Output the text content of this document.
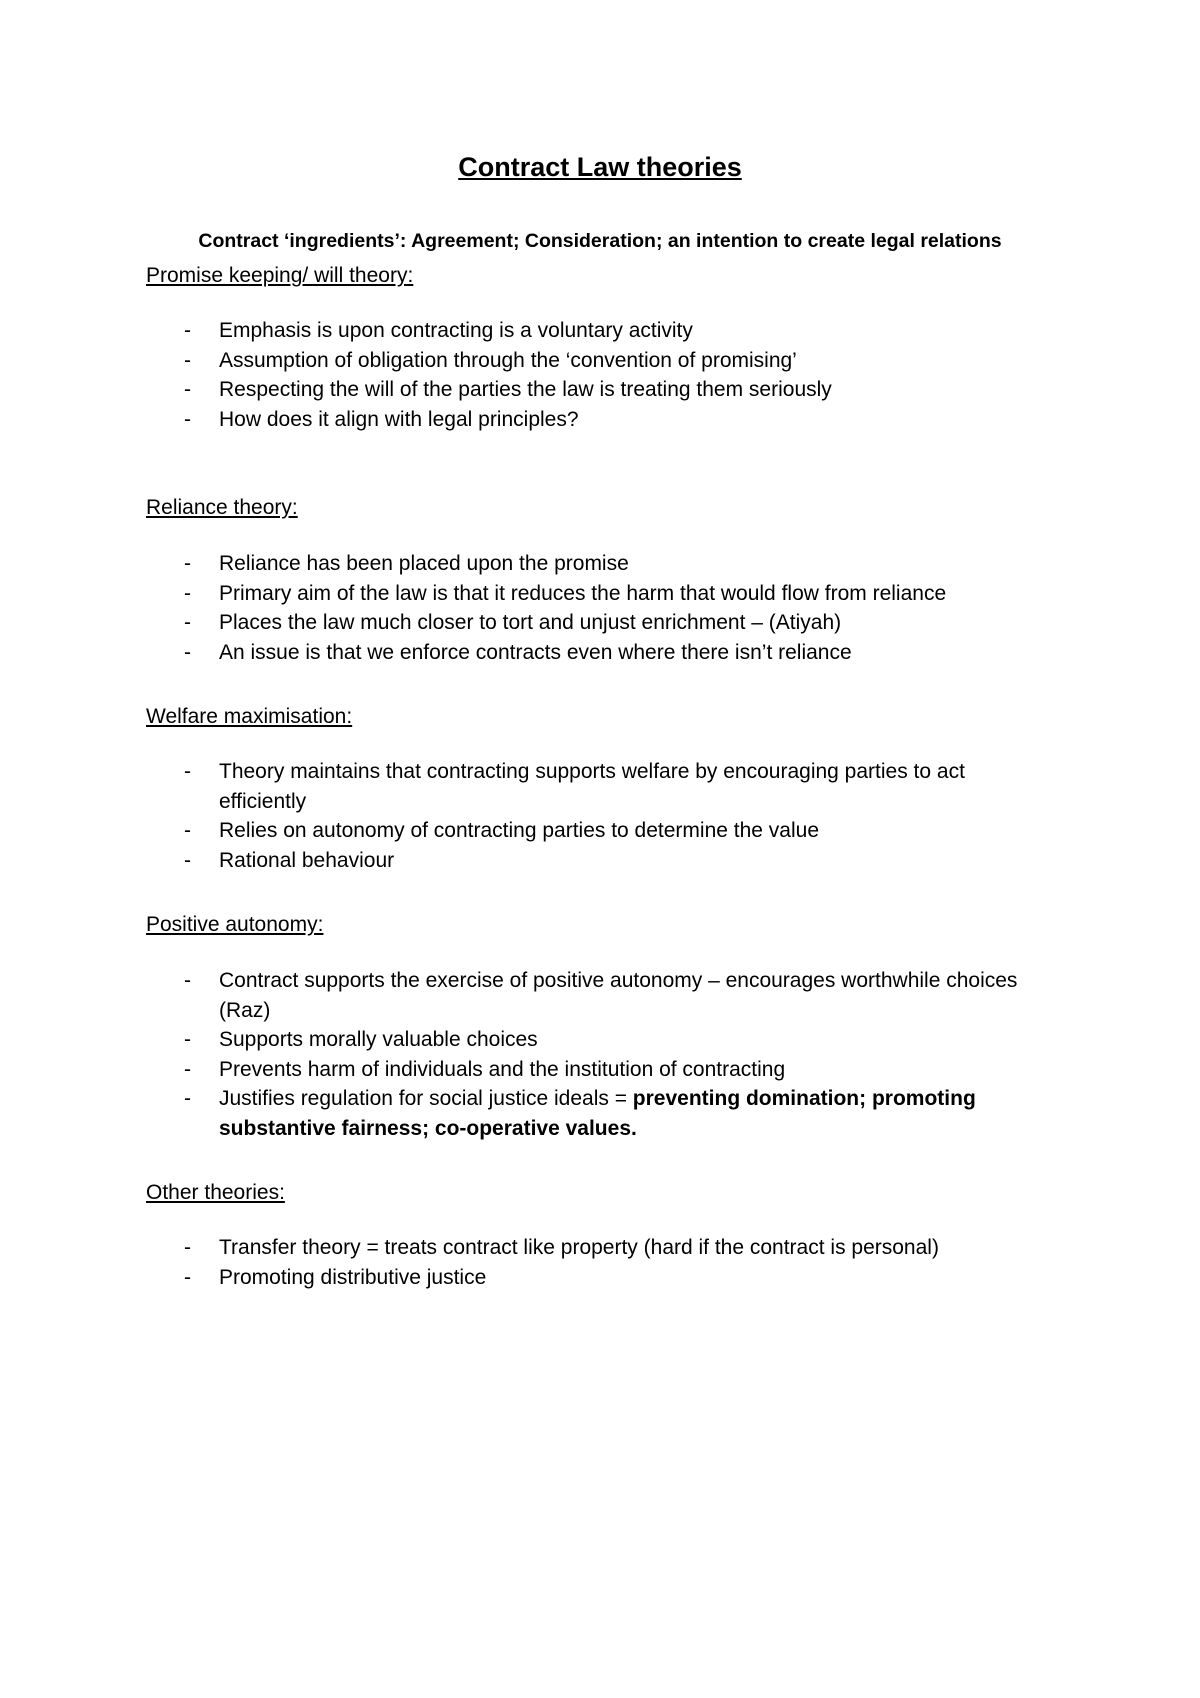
Contract Law theories
Contract ‘ingredients’: Agreement; Consideration; an intention to create legal relations
Promise keeping/ will theory:
- Emphasis is upon contracting is a voluntary activity
- Assumption of obligation through the ‘convention of promising’
- Respecting the will of the parties the law is treating them seriously
- How does it align with legal principles?
Reliance theory:
- Reliance has been placed upon the promise
- Primary aim of the law is that it reduces the harm that would flow from reliance
- Places the law much closer to tort and unjust enrichment – (Atiyah)
- An issue is that we enforce contracts even where there isn’t reliance
Welfare maximisation:
- Theory maintains that contracting supports welfare by encouraging parties to act efficiently
- Relies on autonomy of contracting parties to determine the value
- Rational behaviour
Positive autonomy:
- Contract supports the exercise of positive autonomy – encourages worthwhile choices (Raz)
- Supports morally valuable choices
- Prevents harm of individuals and the institution of contracting
- Justifies regulation for social justice ideals = preventing domination; promoting substantive fairness; co-operative values.
Other theories:
- Transfer theory = treats contract like property (hard if the contract is personal)
- Promoting distributive justice
